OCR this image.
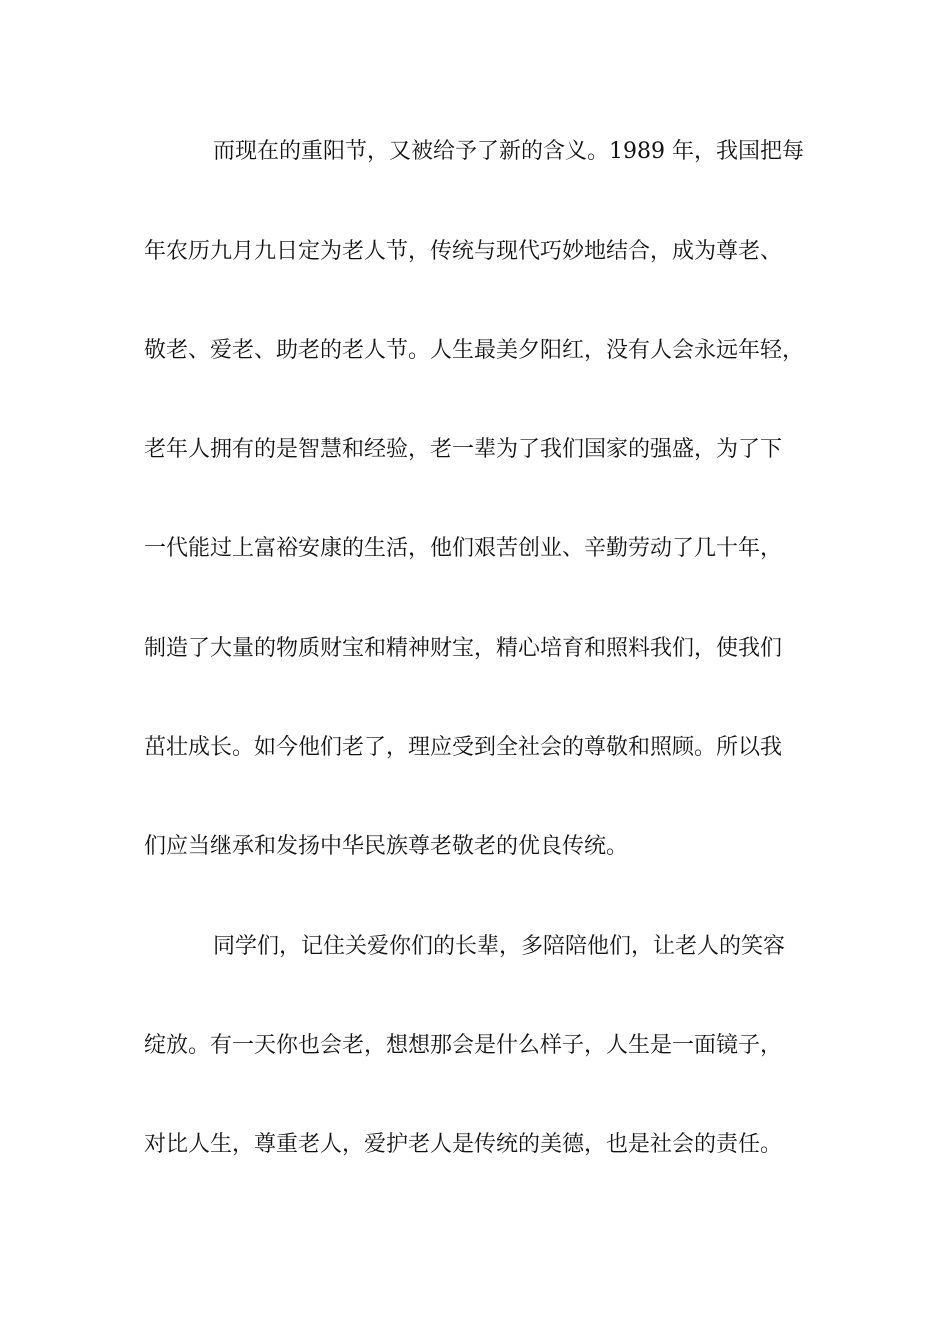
而现在的重阳节，又被给予了新的含义。1989 年，我国把每
年农历九月九日定为老人节，传统与现代巧妙地结合，成为尊老、
敬老、爱老、助老的老人节。人生最美夕阳红，没有人会永远年轻，
老年人拥有的是智慧和经验，老一辈为了我们国家的强盛，为了下
一代能过上富裕安康的生活，他们艰苦创业、辛勤劳动了几十年，
制造了大量的物质财宝和精神财宝，精心培育和照料我们，使我们
茁壮成长。如今他们老了，理应受到全社会的尊敬和照顾。所以我
们应当继承和发扬中华民族尊老敬老的优良传统。
同学们，记住关爱你们的长辈，多陪陪他们，让老人的笑容
绽放。有一天你也会老，想想那会是什么样子，人生是一面镜子，
对比人生，尊重老人，爱护老人是传统的美德，也是社会的责任。
